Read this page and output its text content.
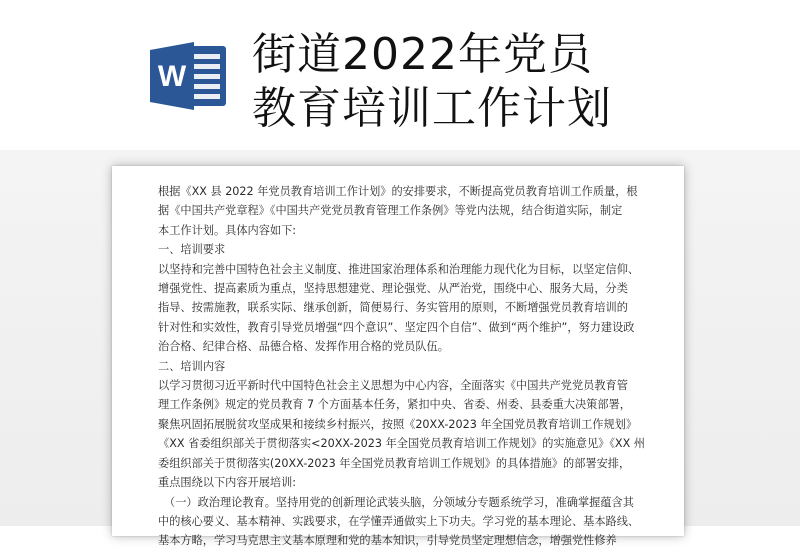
W 街道2022年党员
教育培训工作计划

根据《XX 县 2022 年党员教育培训工作计划》的安排要求，不断提高党员教育培训工作质量，根

据《中国共产党章程》《中国共产党党员教育管理工作条例》等党内法规，结合街道实际，制定

本工作计划。具体内容如下:

一、培训要求

以坚持和完善中国特色社会主义制度、推进国家治理体系和治理能力现代化为目标，以坚定信仰、

增强党性、提高素质为重点，坚持思想建党、理论强党、从严治党，围绕中心、服务大局，分类

指导、按需施教，联系实际、继承创新，简便易行、务实管用的原则，不断增强党员教育培训的

针对性和实效性，教育引导党员增强“四个意识”、坚定四个自信”、做到“两个维护”，努力建设政

治合格、纪律合格、品德合格、发挥作用合格的党员队伍。

二、培训内容

以学习贯彻习近平新时代中国特色社会主义思想为中心内容，全面落实《中国共产党党员教育管

理工作条例》规定的党员教育 7 个方面基本任务，紧扣中央、省委、州委、县委重大决策部署，

聚焦巩固拓展脱贫攻坚成果和接续乡村振兴，按照《20XX-2023 年全国党员教育培训工作规划》

《XX 省委组织部关于贯彻落实<20XX-2023 年全国党员教育培训工作规划》的实施意见》《XX 州

委组织部关于贯彻落实(20XX-2023 年全国党员教育培训工作规划》的具体措施》的部署安排，

重点围绕以下内容开展培训:

（一）政治理论教育。坚持用党的创新理论武装头脑，分领域分专题系统学习，准确掌握蕴含其

中的核心要义、基本精神、实践要求，在学懂弄通做实上下功夫。学习党的基本理论、基本路线、

基本方略，学习马克思主义基本原理和党的基本知识，引导党员坚定理想信念，增强党性修养
